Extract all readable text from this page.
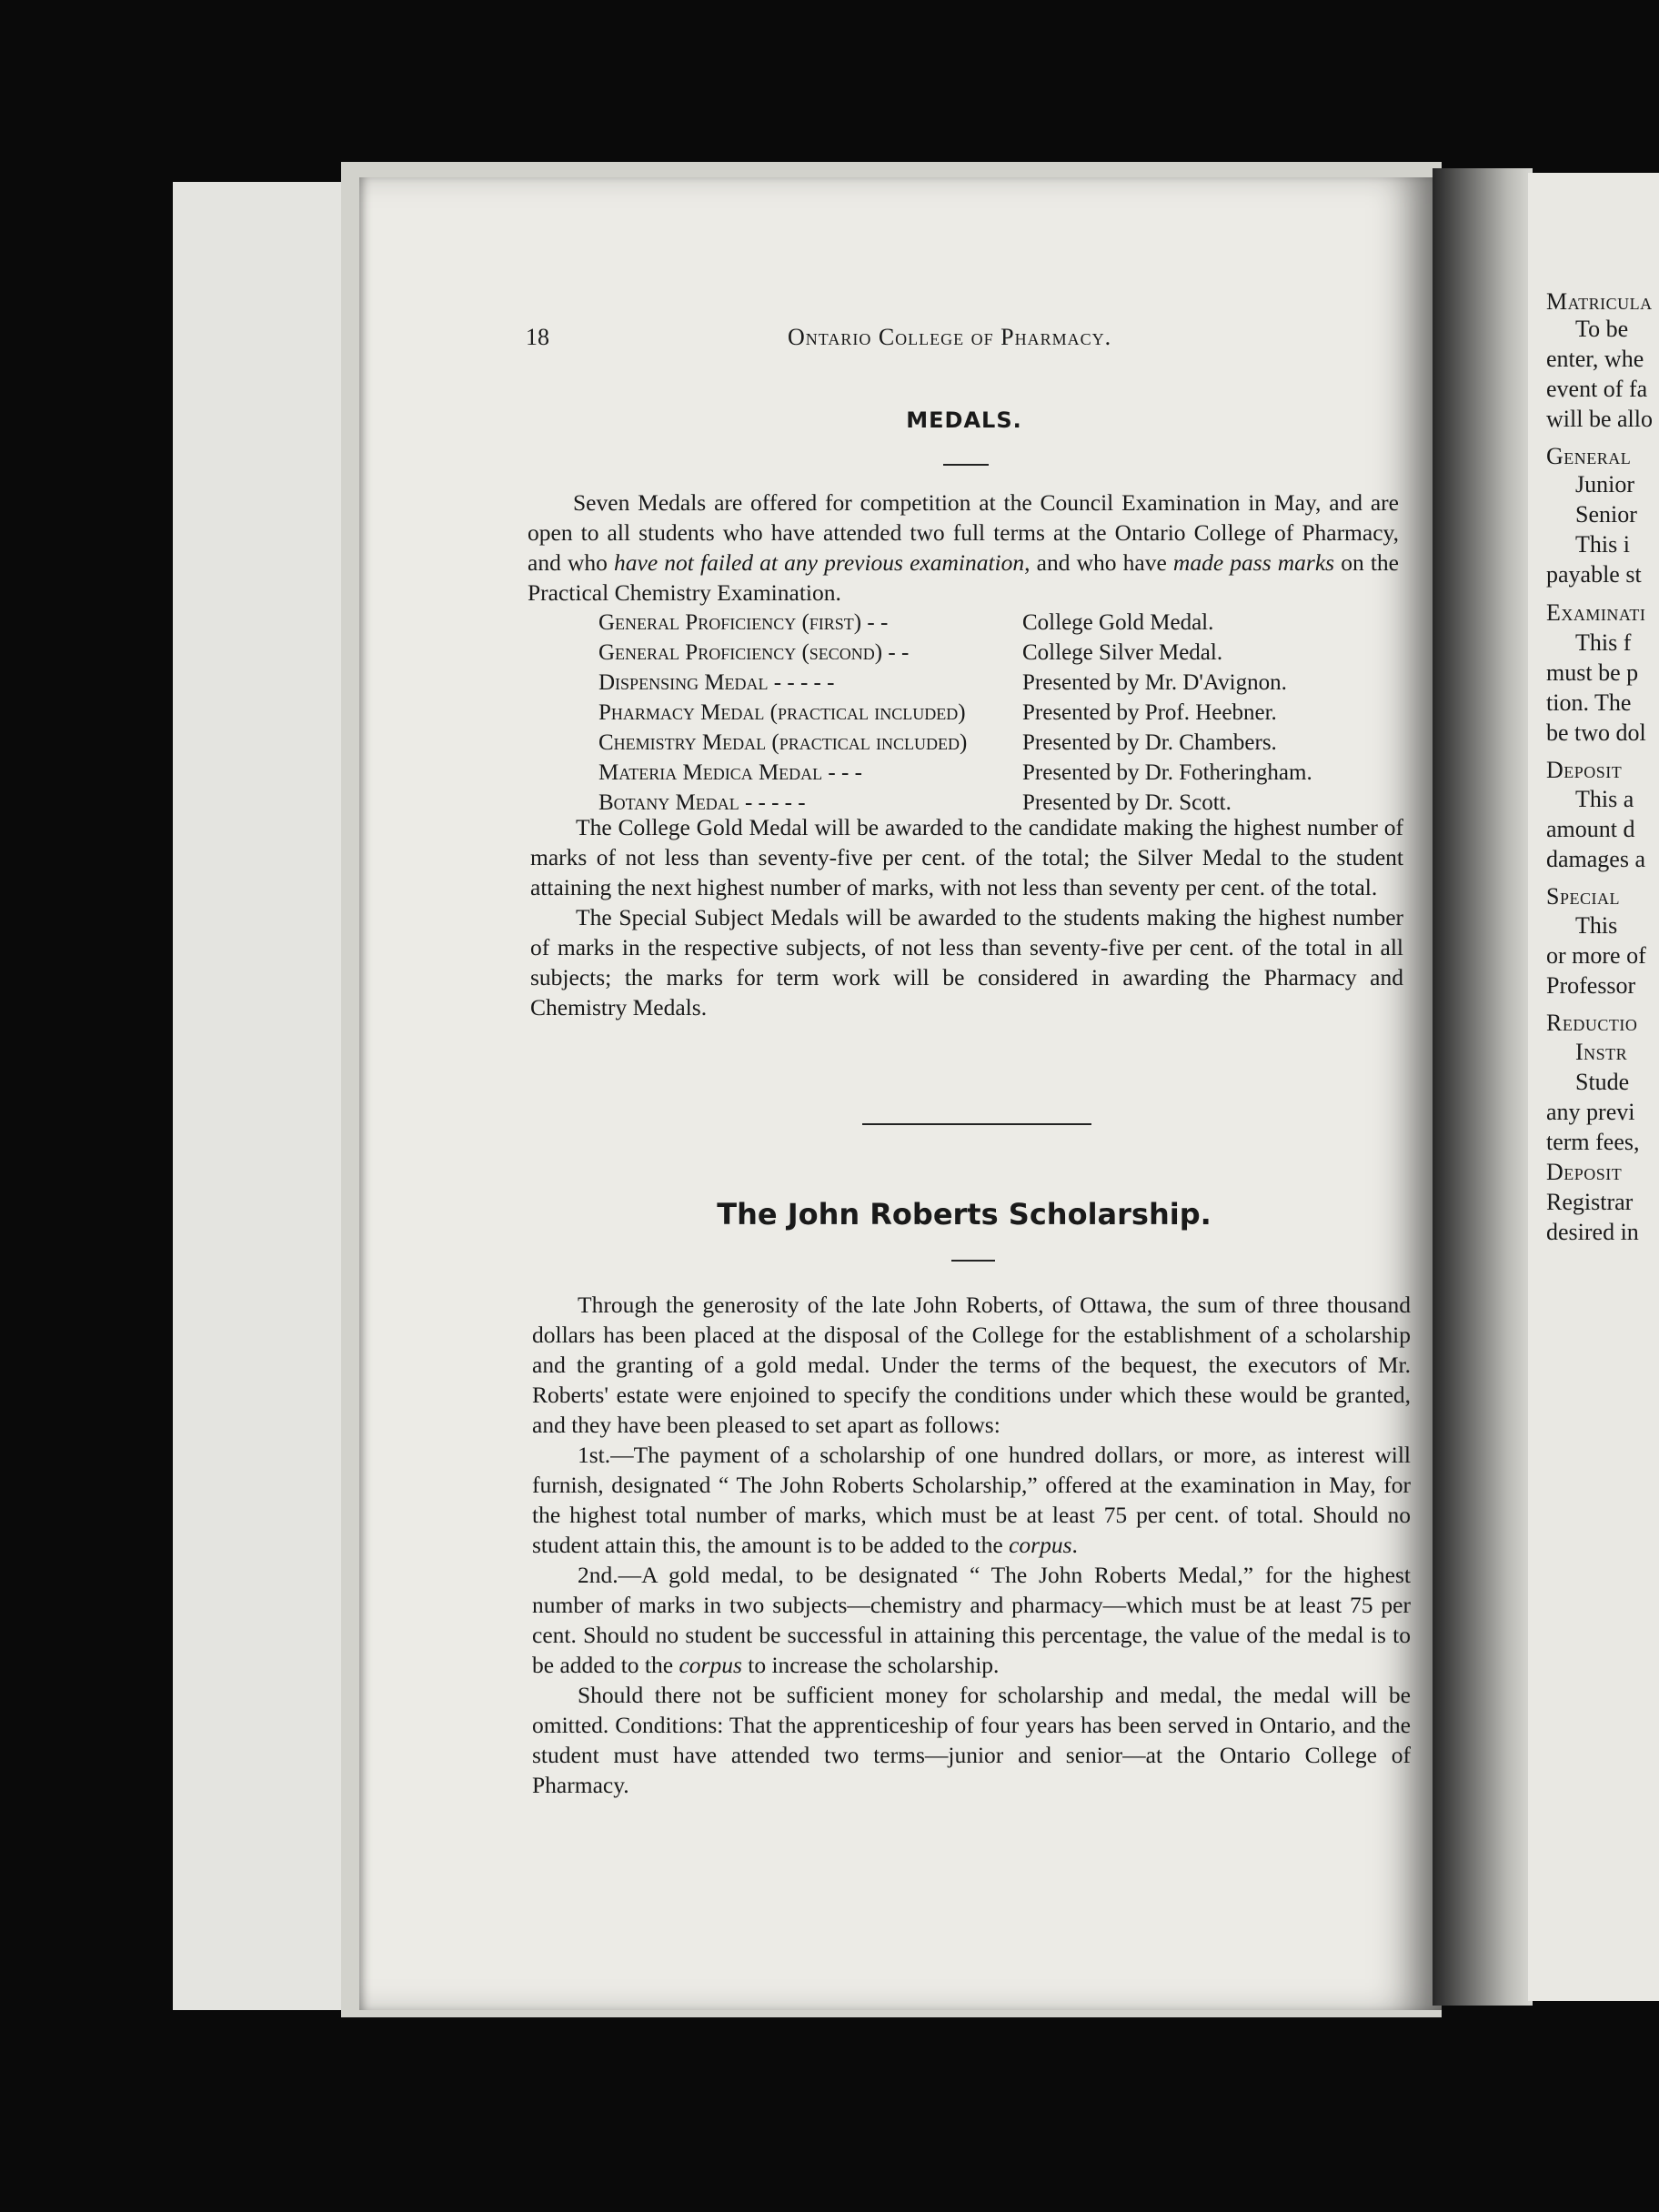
Matricula
To be
enter, whe
event of fa
will be allo
General
Junior
Senior
This i
payable st
Examinati
This f
must be p
tion. The
be two dol
Deposit
This a
amount d
damages a
Special
This
or more of
Professor
Reductio
Instr
Stude
any previ
term fees,
Deposit
Registrar
desired in
18	Ontario College of Pharmacy.
MEDALS.

Seven Medals are offered for competition at the Council Examination in May, and are open to all students who have attended two full terms at the Ontario College of Pharmacy, and who have not failed at any previous examination, and who have made pass marks on the Practical Chemistry Examination.

General Proficiency (first) - -	College Gold Medal.
General Proficiency (second) - -	College Silver Medal.
Dispensing Medal - - - - -	Presented by Mr. D'Avignon.
Pharmacy Medal (practical included) Presented by Prof. Heebner.
Chemistry Medal (practical included) Presented by Dr. Chambers.
Materia Medica Medal - - -	Presented by Dr. Fotheringham.
Botany Medal - - - - -	Presented by Dr. Scott.

The College Gold Medal will be awarded to the candidate making the highest number of marks of not less than seventy-five per cent. of the total; the Silver Medal to the student attaining the next highest number of marks, with not less than seventy per cent. of the total.

The Special Subject Medals will be awarded to the students making the highest number of marks in the respective subjects, of not less than seventy-five per cent. of the total in all subjects; the marks for term work will be considered in awarding the Pharmacy and Chemistry Medals.

The John Roberts Scholarship.

Through the generosity of the late John Roberts, of Ottawa, the sum of three thousand dollars has been placed at the disposal of the College for the establishment of a scholarship and the granting of a gold medal. Under the terms of the bequest, the executors of Mr. Roberts' estate were enjoined to specify the conditions under which these would be granted, and they have been pleased to set apart as follows:

1st.—The payment of a scholarship of one hundred dollars, or more, as interest will furnish, designated “ The John Roberts Scholarship,” offered at the examination in May, for the highest total number of marks, which must be at least 75 per cent. of total. Should no student attain this, the amount is to be added to the corpus.

2nd.—A gold medal, to be designated “ The John Roberts Medal,” for the highest number of marks in two subjects—chemistry and pharmacy—which must be at least 75 per cent. Should no student be successful in attaining this percentage, the value of the medal is to be added to the corpus to increase the scholarship.

Should there not be sufficient money for scholarship and medal, the medal will be omitted. Conditions: That the apprenticeship of four years has been served in Ontario, and the student must have attended two terms—junior and senior—at the Ontario College of Pharmacy.
